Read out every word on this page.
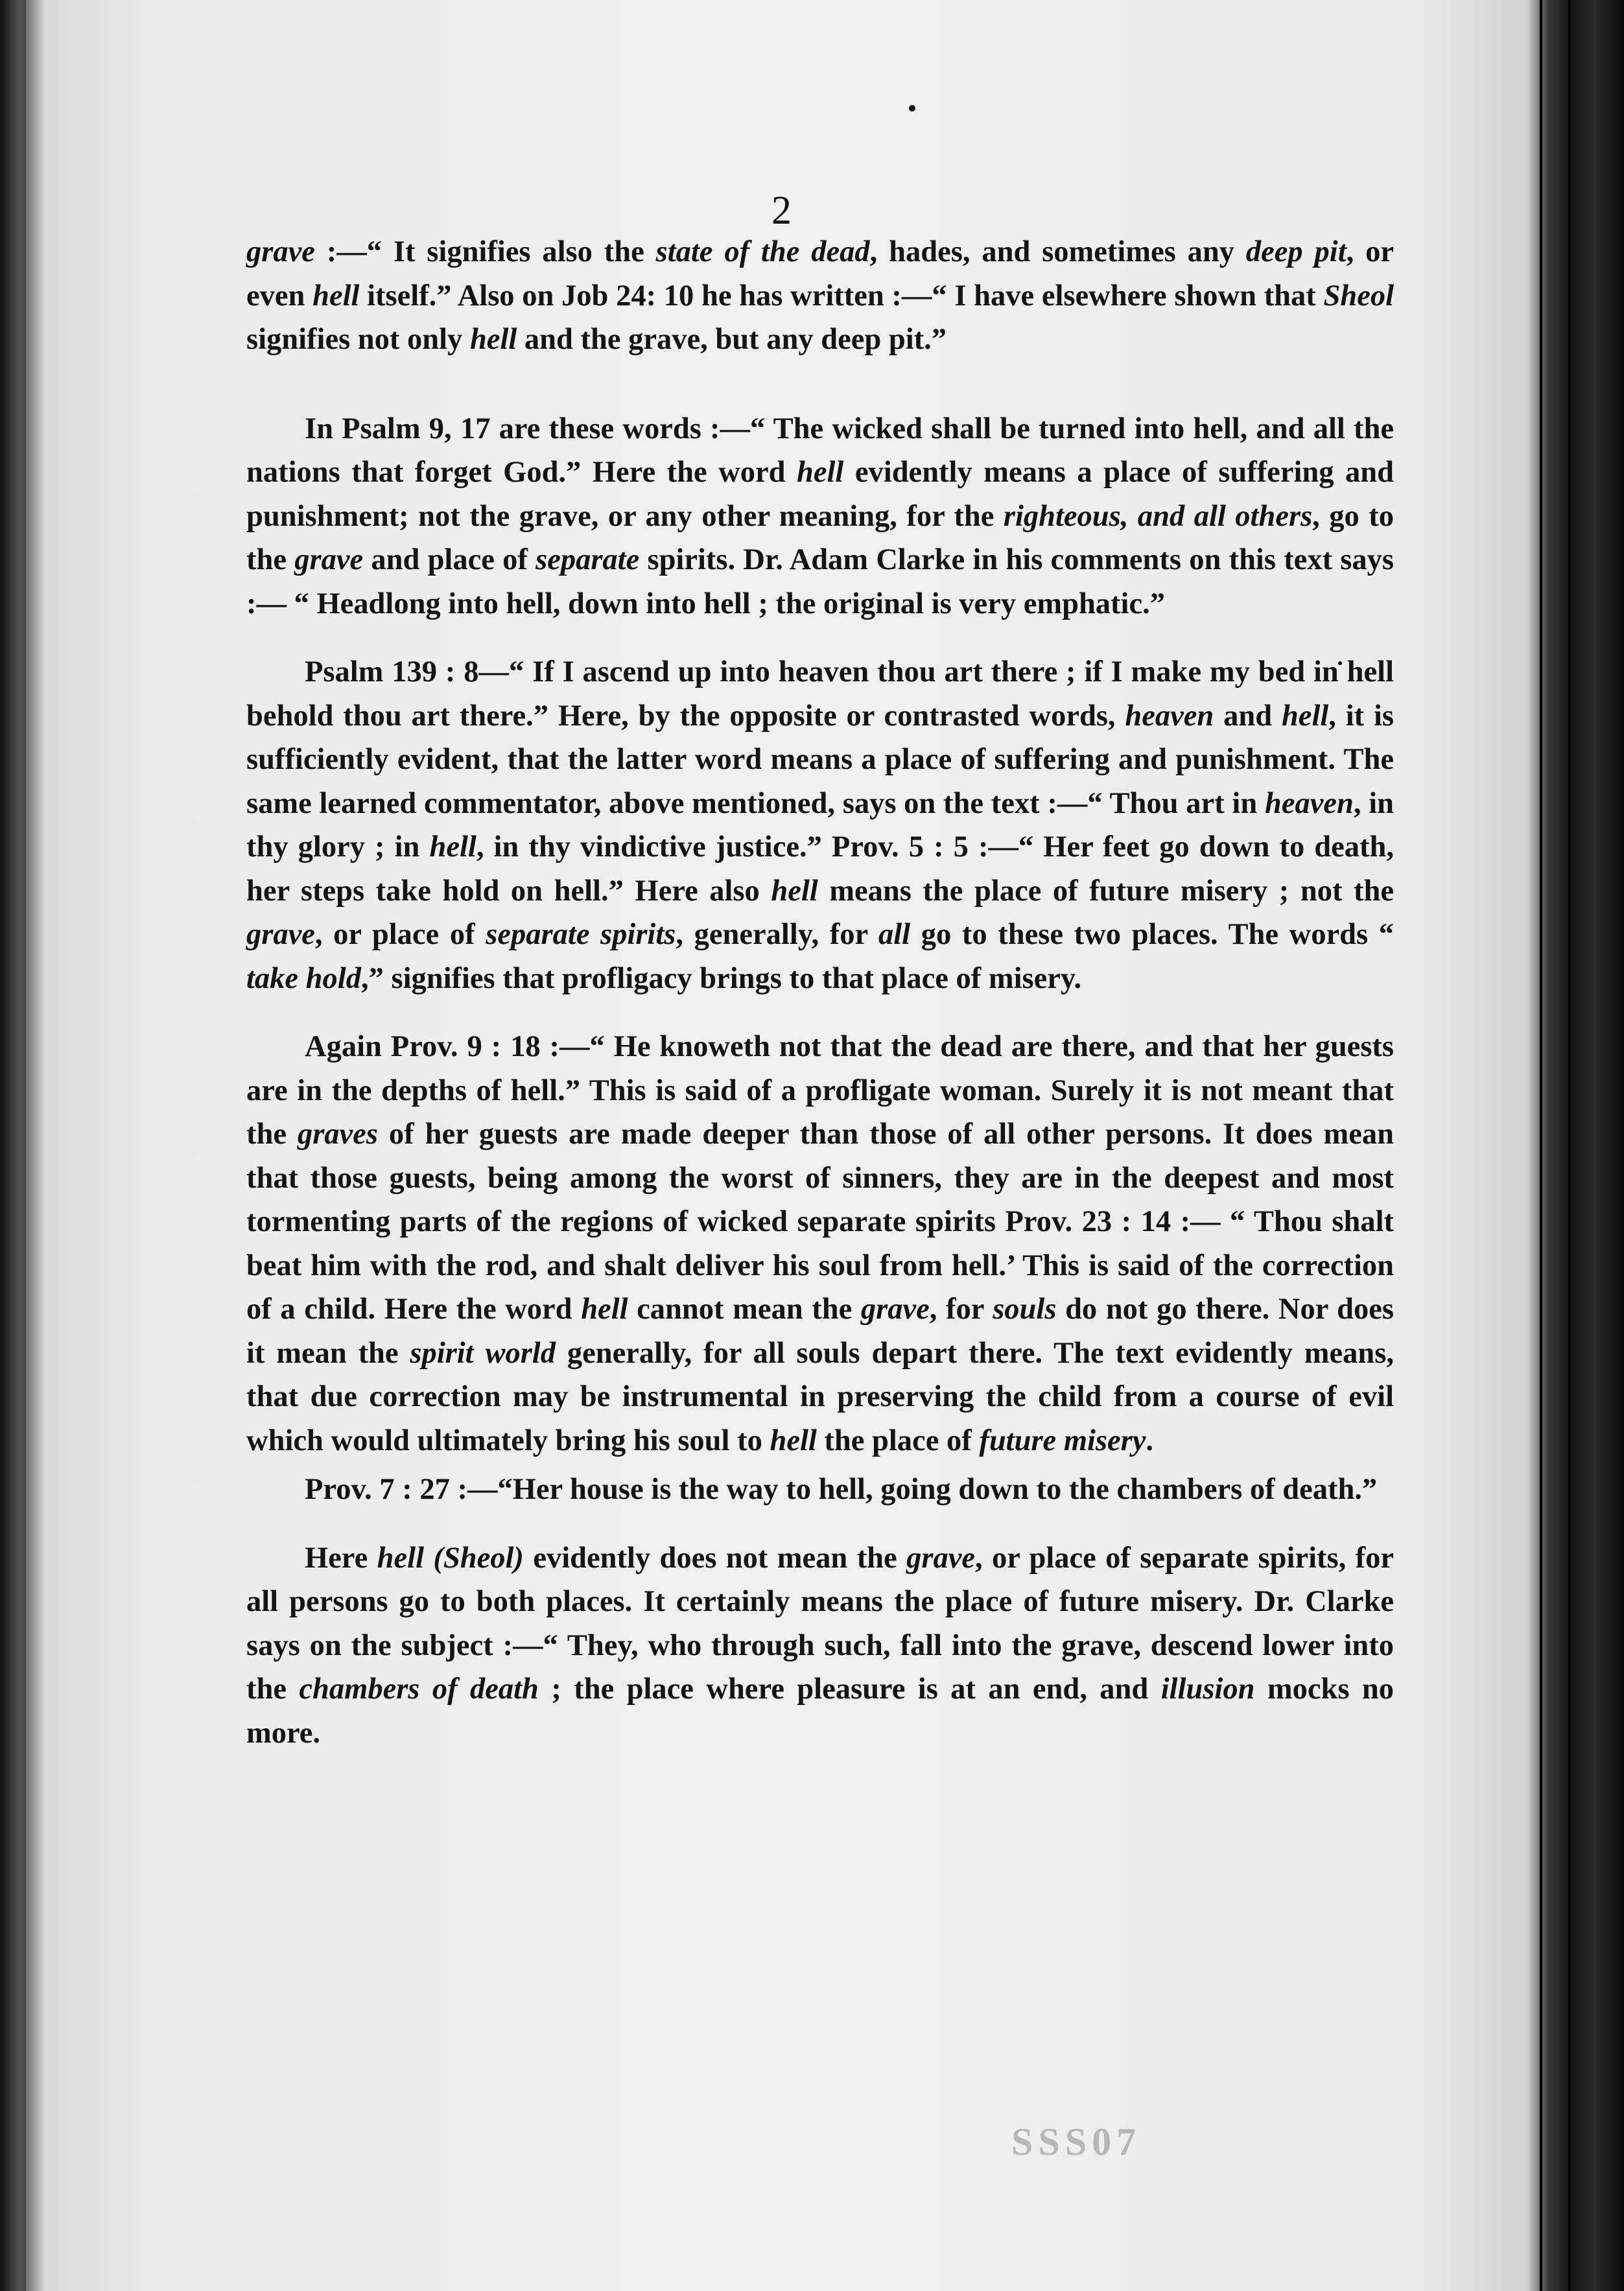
SSS07
2

grave :—“ It signifies also the state of the dead, hades, and sometimes any deep pit, or even hell itself.” Also on Job 24: 10 he has written :—“ I have elsewhere shown that Sheol signifies not only hell and the grave, but any deep pit.”

In Psalm 9, 17 are these words :—“ The wicked shall be turned into hell, and all the nations that forget God.” Here the word hell evidently means a place of suffering and punishment; not the grave, or any other meaning, for the righteous, and all others, go to the grave and place of separate spirits. Dr. Adam Clarke in his comments on this text says :— “ Headlong into hell, down into hell ; the original is very emphatic.”

Psalm 139 : 8—“ If I ascend up into heaven thou art there ; if I make my bed in hell behold thou art there.” Here, by the opposite or contrasted words, heaven and hell, it is sufficiently evident, that the latter word means a place of suffering and punishment. The same learned commentator, above mentioned, says on the text :—“ Thou art in heaven, in thy glory ; in hell, in thy vindictive justice.” Prov. 5 : 5 :—“ Her feet go down to death, her steps take hold on hell.” Here also hell means the place of future misery ; not the grave, or place of separate spirits, generally, for all go to these two places. The words “ take hold,” signifies that profligacy brings to that place of misery.

Again Prov. 9 : 18 :—“ He knoweth not that the dead are there, and that her guests are in the depths of hell.” This is said of a profligate woman. Surely it is not meant that the graves of her guests are made deeper than those of all other persons. It does mean that those guests, being among the worst of sinners, they are in the deepest and most tormenting parts of the regions of wicked separate spirits Prov. 23 : 14 :— “ Thou shalt beat him with the rod, and shalt deliver his soul from hell.’ This is said of the correction of a child. Here the word hell cannot mean the grave, for souls do not go there. Nor does it mean the spirit world generally, for all souls depart there. The text evidently means, that due correction may be instrumental in preserving the child from a course of evil which would ultimately bring his soul to hell the place of future misery.

Prov. 7 : 27 :—“Her house is the way to hell, going down to the chambers of death.”

Here hell (Sheol) evidently does not mean the grave, or place of separate spirits, for all persons go to both places. It certainly means the place of future misery. Dr. Clarke says on the subject :—“ They, who through such, fall into the grave, descend lower into the chambers of death ; the place where pleasure is at an end, and illusion mocks no more.
